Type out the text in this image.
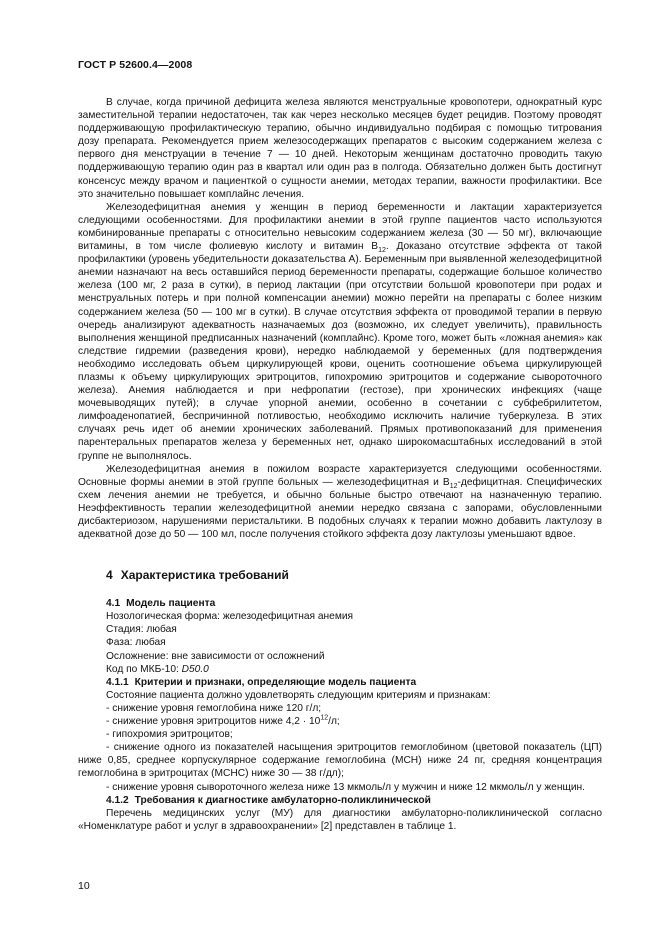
ГОСТ Р 52600.4—2008

В случае, когда причиной дефицита железа являются менструальные кровопотери, однократный курс заместительной терапии недостаточен, так как через несколько месяцев будет рецидив. Поэтому проводят поддерживающую профилактическую терапию, обычно индивидуально подбирая с помощью титрования дозу препарата. Рекомендуется прием железосодержащих препаратов с высоким содержанием железа с первого дня менструации в течение 7 — 10 дней. Некоторым женщинам достаточно проводить такую поддерживающую терапию один раз в квартал или один раз в полгода. Обязательно должен быть достигнут консенсус между врачом и пациенткой о сущности анемии, методах терапии, важности профилактики. Все это значительно повышает комплайнс лечения.

Железодефицитная анемия у женщин в период беременности и лактации характеризуется следующими особенностями. Для профилактики анемии в этой группе пациентов часто используются комбинированные препараты с относительно невысоким содержанием железа (30 — 50 мг), включающие витамины, в том числе фолиевую кислоту и витамин $В_{12}$. Доказано отсутствие эффекта от такой профилактики (уровень убедительности доказательства А). Беременным при выявленной железодефицитной анемии назначают на весь оставшийся период беременности препараты, содержащие большое количество железа (100 мг, 2 раза в сутки), в период лактации (при отсутствии большой кровопотери при родах и менструальных потерь и при полной компенсации анемии) можно перейти на препараты с более низким содержанием железа (50 — 100 мг в сутки). В случае отсутствия эффекта от проводимой терапии в первую очередь анализируют адекватность назначаемых доз (возможно, их следует увеличить), правильность выполнения женщиной предписанных назначений (комплайнс). Кроме того, может быть «ложная анемия» как следствие гидремии (разведения крови), нередко наблюдаемой у беременных (для подтверждения необходимо исследовать объем циркулирующей крови, оценить соотношение объема циркулирующей плазмы к объему циркулирующих эритроцитов, гипохромию эритроцитов и содержание сывороточного железа). Анемия наблюдается и при нефропатии (гестозе), при хронических инфекциях (чаще мочевыводящих путей); в случае упорной анемии, особенно в сочетании с субфебрилитетом, лимфоаденопатией, беспричинной потливостью, необходимо исключить наличие туберкулеза. В этих случаях речь идет об анемии хронических заболеваний. Прямых противопоказаний для применения парентеральных препаратов железа у беременных нет, однако широкомасштабных исследований в этой группе не выполнялось.

Железодефицитная анемия в пожилом возрасте характеризуется следующими особенностями. Основные формы анемии в этой группе больных — железодефицитная и $В_{12}$-дефицитная. Специфических схем лечения анемии не требуется, и обычно больные быстро отвечают на назначенную терапию. Неэффективность терапии железодефицитной анемии нередко связана с запорами, обусловленными дисбактериозом, нарушениями перистальтики. В подобных случаях к терапии можно добавить лактулозу в адекватной дозе до 50 — 100 мл, после получения стойкого эффекта дозу лактулозы уменьшают вдвое.

4 Характеристика требований

4.1 Модель пациента

Нозологическая форма: железодефицитная анемия

Стадия: любая

Фаза: любая

Осложнение: вне зависимости от осложнений

Код по МКБ-10: D50.0

4.1.1 Критерии и признаки, определяющие модель пациента

Состояние пациента должно удовлетворять следующим критериям и признакам:

- снижение уровня гемоглобина ниже 120 г/л;

- снижение уровня эритроцитов ниже $4,2 \cdot 10^{12}/л$;

- гипохромия эритроцитов;

- снижение одного из показателей насыщения эритроцитов гемоглобином (цветовой показатель (ЦП) ниже 0,85, среднее корпускулярное содержание гемоглобина (МСН) ниже 24 пг, средняя концентрация гемоглобина в эритроцитах (МСНС) ниже 30 — 38 г/дл);

- снижение уровня сывороточного железа ниже 13 мкмоль/л у мужчин и ниже 12 мкмоль/л у женщин.

4.1.2 Требования к диагностике амбулаторно-поликлинической

Перечень медицинских услуг (МУ) для диагностики амбулаторно-поликлинической согласно «Номенклатуре работ и услуг в здравоохранении» [2] представлен в таблице 1.

10
